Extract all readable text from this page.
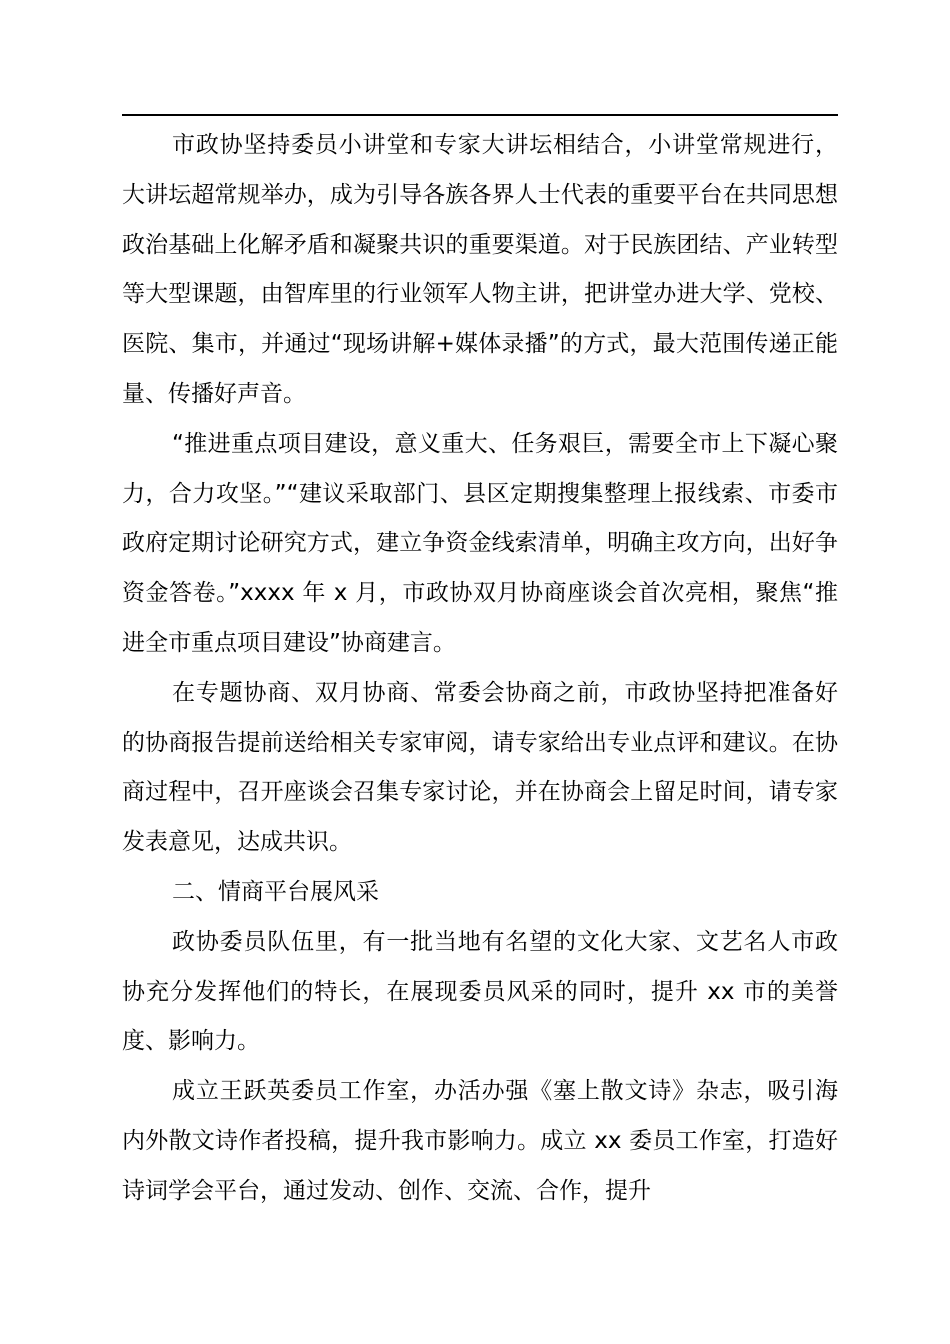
市政协坚持委员小讲堂和专家大讲坛相结合，小讲堂常规进行，大讲坛超常规举办，成为引导各族各界人士代表的重要平台在共同思想政治基础上化解矛盾和凝聚共识的重要渠道。对于民族团结、产业转型等大型课题，由智库里的行业领军人物主讲，把讲堂办进大学、党校、医院、集市，并通过“现场讲解+媒体录播”的方式，最大范围传递正能量、传播好声音。

“推进重点项目建设，意义重大、任务艰巨，需要全市上下凝心聚力，合力攻坚。”“建议采取部门、县区定期搜集整理上报线索、市委市政府定期讨论研究方式，建立争资金线索清单，明确主攻方向，出好争资金答卷。”xxxx 年 x 月，市政协双月协商座谈会首次亮相，聚焦“推进全市重点项目建设”协商建言。

在专题协商、双月协商、常委会协商之前，市政协坚持把准备好的协商报告提前送给相关专家审阅，请专家给出专业点评和建议。在协商过程中，召开座谈会召集专家讨论，并在协商会上留足时间，请专家发表意见，达成共识。

二、情商平台展风采

政协委员队伍里，有一批当地有名望的文化大家、文艺名人市政协充分发挥他们的特长，在展现委员风采的同时，提升 xx 市的美誉度、影响力。

成立王跃英委员工作室，办活办强《塞上散文诗》杂志，吸引海内外散文诗作者投稿，提升我市影响力。成立 xx 委员工作室，打造好诗词学会平台，通过发动、创作、交流、合作，提升
